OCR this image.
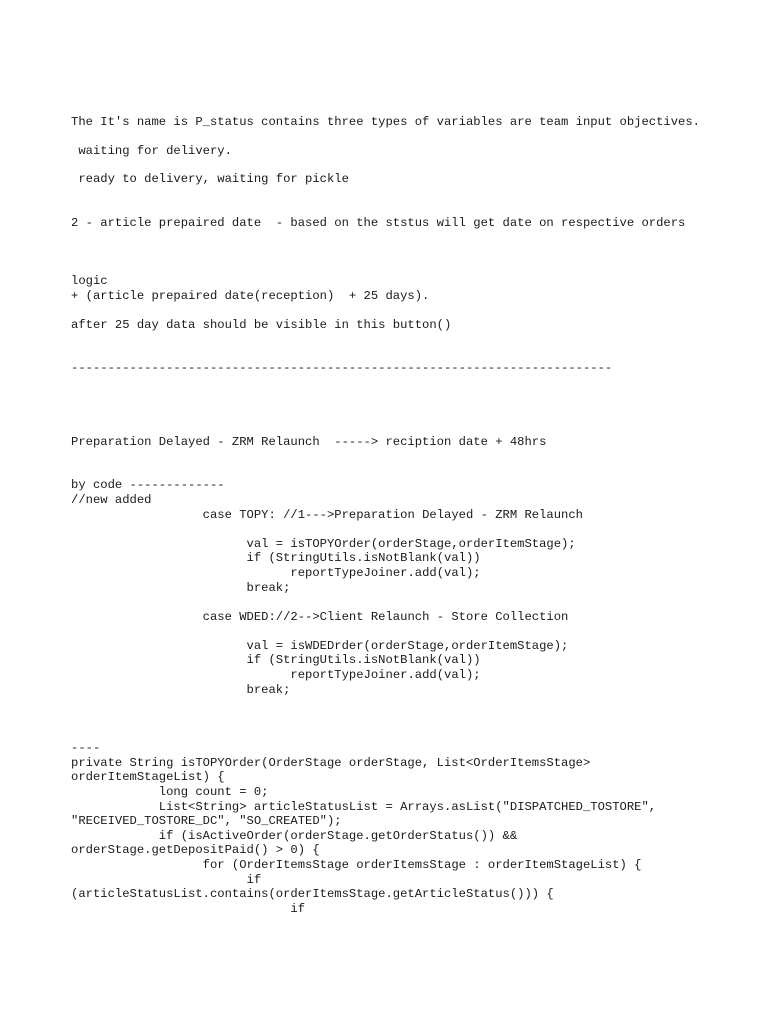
The It's name is P_status contains three types of variables are team input objectives.

waiting for delivery.

ready to delivery, waiting for pickle

2 - article prepaired date  - based on the ststus will get date on respective orders

logic

+ (article prepaired date(reception)  + 25 days).

after 25 day data should be visible in this button()

--------------------------------------------------------------------------

Preparation Delayed - ZRM Relaunch  -----> reciption date + 48hrs

by code -------------

//new added
case TOPY: //1--->Preparation Delayed - ZRM Relaunch

val = isTOPYOrder(orderStage,orderItemStage);
if (StringUtils.isNotBlank(val))
reportTypeJoiner.add(val);
break;

case WDED://2-->Client Relaunch - Store Collection

val = isWDEDrder(orderStage,orderItemStage);
if (StringUtils.isNotBlank(val))
reportTypeJoiner.add(val);
break;

----

private String isTOPYOrder(OrderStage orderStage, List<OrderItemsStage> orderItemStageList) {
long count = 0;
List<String> articleStatusList = Arrays.asList("DISPATCHED_TOSTORE", "RECEIVED_TOSTORE_DC", "SO_CREATED");
if (isActiveOrder(orderStage.getOrderStatus()) && orderStage.getDepositPaid() > 0) {
for (OrderItemsStage orderItemsStage : orderItemStageList) {
if (articleStatusList.contains(orderItemsStage.getArticleStatus())) {
if
